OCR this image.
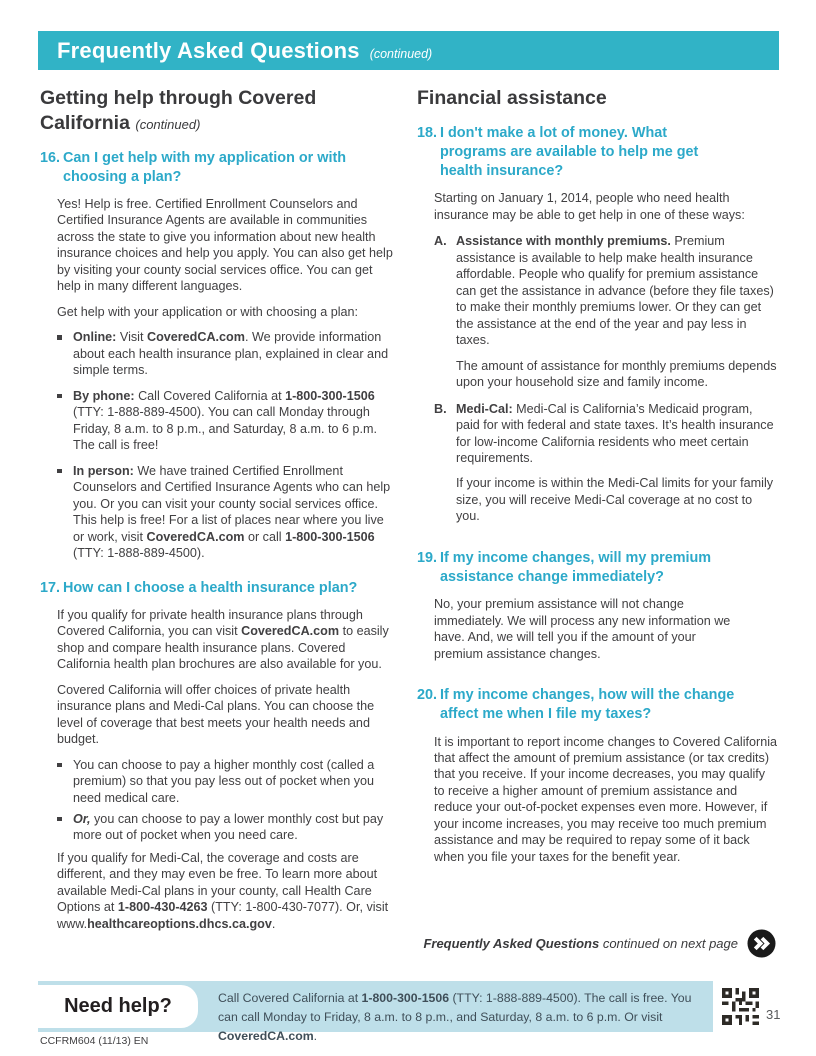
Frequently Asked Questions (continued)
Getting help through Covered California (continued)
16. Can I get help with my application or with choosing a plan?

Yes! Help is free. Certified Enrollment Counselors and Certified Insurance Agents are available in communities across the state to give you information about new health insurance choices and help you apply. You can also get help by visiting your county social services office. You can get help in many different languages.

Get help with your application or with choosing a plan:

Online: Visit CoveredCA.com. We provide information about each health insurance plan, explained in clear and simple terms.

By phone: Call Covered California at 1-800-300-1506 (TTY: 1-888-889-4500). You can call Monday through Friday, 8 a.m. to 8 p.m., and Saturday, 8 a.m. to 6 p.m. The call is free!

In person: We have trained Certified Enrollment Counselors and Certified Insurance Agents who can help you. Or you can visit your county social services office. This help is free! For a list of places near where you live or work, visit CoveredCA.com or call 1-800-300-1506 (TTY: 1-888-889-4500).

17. How can I choose a health insurance plan?

If you qualify for private health insurance plans through Covered California, you can visit CoveredCA.com to easily shop and compare health insurance plans. Covered California health plan brochures are also available for you.

Covered California will offer choices of private health insurance plans and Medi-Cal plans. You can choose the level of coverage that best meets your health needs and budget.

You can choose to pay a higher monthly cost (called a premium) so that you pay less out of pocket when you need medical care.

Or, you can choose to pay a lower monthly cost but pay more out of pocket when you need care.

If you qualify for Medi-Cal, the coverage and costs are different, and they may even be free. To learn more about available Medi-Cal plans in your county, call Health Care Options at 1-800-430-4263 (TTY: 1-800-430-7077). Or, visit www.healthcareoptions.dhcs.ca.gov.

Financial assistance
18. I don't make a lot of money. What programs are available to help me get health insurance?

Starting on January 1, 2014, people who need health insurance may be able to get help in one of these ways:

A. Assistance with monthly premiums. Premium assistance is available to help make health insurance affordable. People who qualify for premium assistance can get the assistance in advance (before they file taxes) to make their monthly premiums lower. Or they can get the assistance at the end of the year and pay less in taxes.

The amount of assistance for monthly premiums depends upon your household size and family income.

B. Medi-Cal: Medi-Cal is California’s Medicaid program, paid for with federal and state taxes. It’s health insurance for low-income California residents who meet certain requirements.

If your income is within the Medi-Cal limits for your family size, you will receive Medi-Cal coverage at no cost to you.

19. If my income changes, will my premium assistance change immediately?

No, your premium assistance will not change immediately. We will process any new information we have. And, we will tell you if the amount of your premium assistance changes.

20. If my income changes, how will the change affect me when I file my taxes?

It is important to report income changes to Covered California that affect the amount of premium assistance (or tax credits) that you receive. If your income decreases, you may qualify to receive a higher amount of premium assistance and reduce your out-of-pocket expenses even more. However, if your income increases, you may receive too much premium assistance and may be required to repay some of it back when you file your taxes for the benefit year.

Frequently Asked Questions continued on next page
Need help?	Call Covered California at 1-800-300-1506 (TTY: 1-888-889-4500). The call is free. You can call Monday to Friday, 8 a.m. to 8 p.m., and Saturday, 8 a.m. to 6 p.m. Or visit CoveredCA.com.

31
CCFRM604 (11/13) EN
